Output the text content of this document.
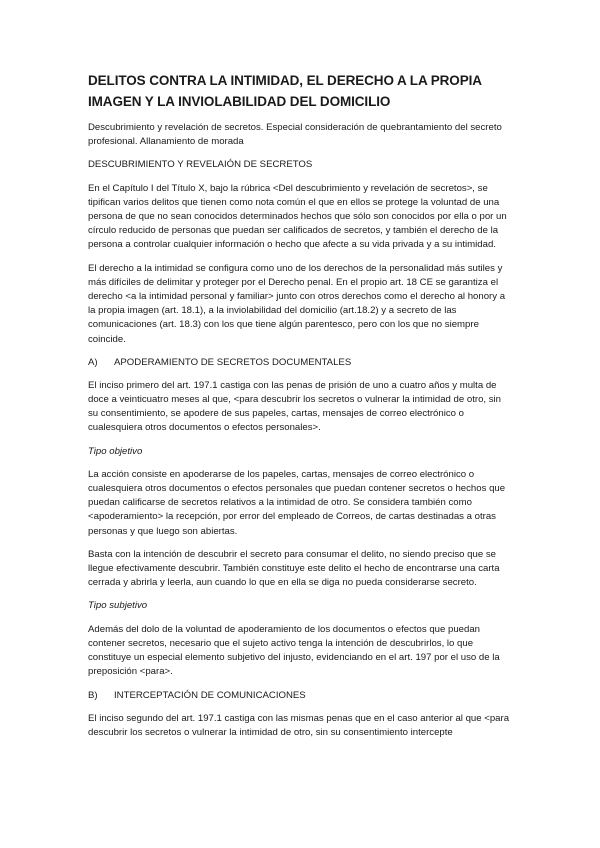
DELITOS CONTRA LA INTIMIDAD, EL DERECHO A LA PROPIA IMAGEN Y LA INVIOLABILIDAD DEL DOMICILIO

Descubrimiento y revelación de secretos. Especial consideración de quebrantamiento del secreto profesional. Allanamiento de morada

DESCUBRIMIENTO Y REVELAIÓN DE SECRETOS

En el Capítulo I del Título X, bajo la rúbrica <Del descubrimiento y revelación de secretos>, se tipifican varios delitos que tienen como nota común el que en ellos se protege la voluntad de una persona de que no sean conocidos determinados hechos que sólo son conocidos por ella o por un círculo reducido de personas que puedan ser calificados de secretos, y también el derecho de la persona a controlar cualquier información o hecho que afecte a su vida privada y a su intimidad.

El derecho a la intimidad se configura como uno de los derechos de la personalidad más sutiles y más difíciles de delimitar y proteger por el Derecho penal. En el propio art. 18 CE se garantiza el derecho <a la intimidad personal y familiar> junto con otros derechos como el derecho al honory a la propia imagen (art. 18.1), a la inviolabilidad del domicilio (art.18.2) y a secreto de las comunicaciones (art. 18.3) con los que tiene algún parentesco, pero con los que no siempre coincide.

A)	APODERAMIENTO DE SECRETOS DOCUMENTALES

El inciso primero del art. 197.1 castiga con las penas de prisión de uno a cuatro años y multa de doce a veinticuatro meses al que, <para descubrir los secretos o vulnerar la intimidad de otro, sin su consentimiento, se apodere de sus papeles, cartas, mensajes de correo electrónico o cualesquiera otros documentos o efectos personales>.

Tipo objetivo

La acción consiste en apoderarse de los papeles, cartas, mensajes de correo electrónico o cualesquiera otros documentos o efectos personales que puedan contener secretos o hechos que puedan calificarse de secretos relativos a la intimidad de otro. Se considera también como <apoderamiento> la recepción, por error del empleado de Correos, de cartas destinadas a otras personas y que luego son abiertas.

Basta con la intención de descubrir el secreto para consumar el delito, no siendo preciso que se llegue efectivamente descubrir. También constituye este delito el hecho de encontrarse una carta cerrada y abrirla y leerla, aun cuando lo que en ella se diga no pueda considerarse secreto.

Tipo subjetivo

Además del dolo de la voluntad de apoderamiento de los documentos o efectos que puedan contener secretos, necesario que el sujeto activo tenga la intención de descubrirlos, lo que constituye un especial elemento subjetivo del injusto, evidenciando en el art. 197 por el uso de la preposición <para>.

B)	INTERCEPTACIÓN DE COMUNICACIONES

El inciso segundo del art. 197.1 castiga con las mismas penas que en el caso anterior al que <para descubrir los secretos o vulnerar la intimidad de otro, sin su consentimiento intercepte
